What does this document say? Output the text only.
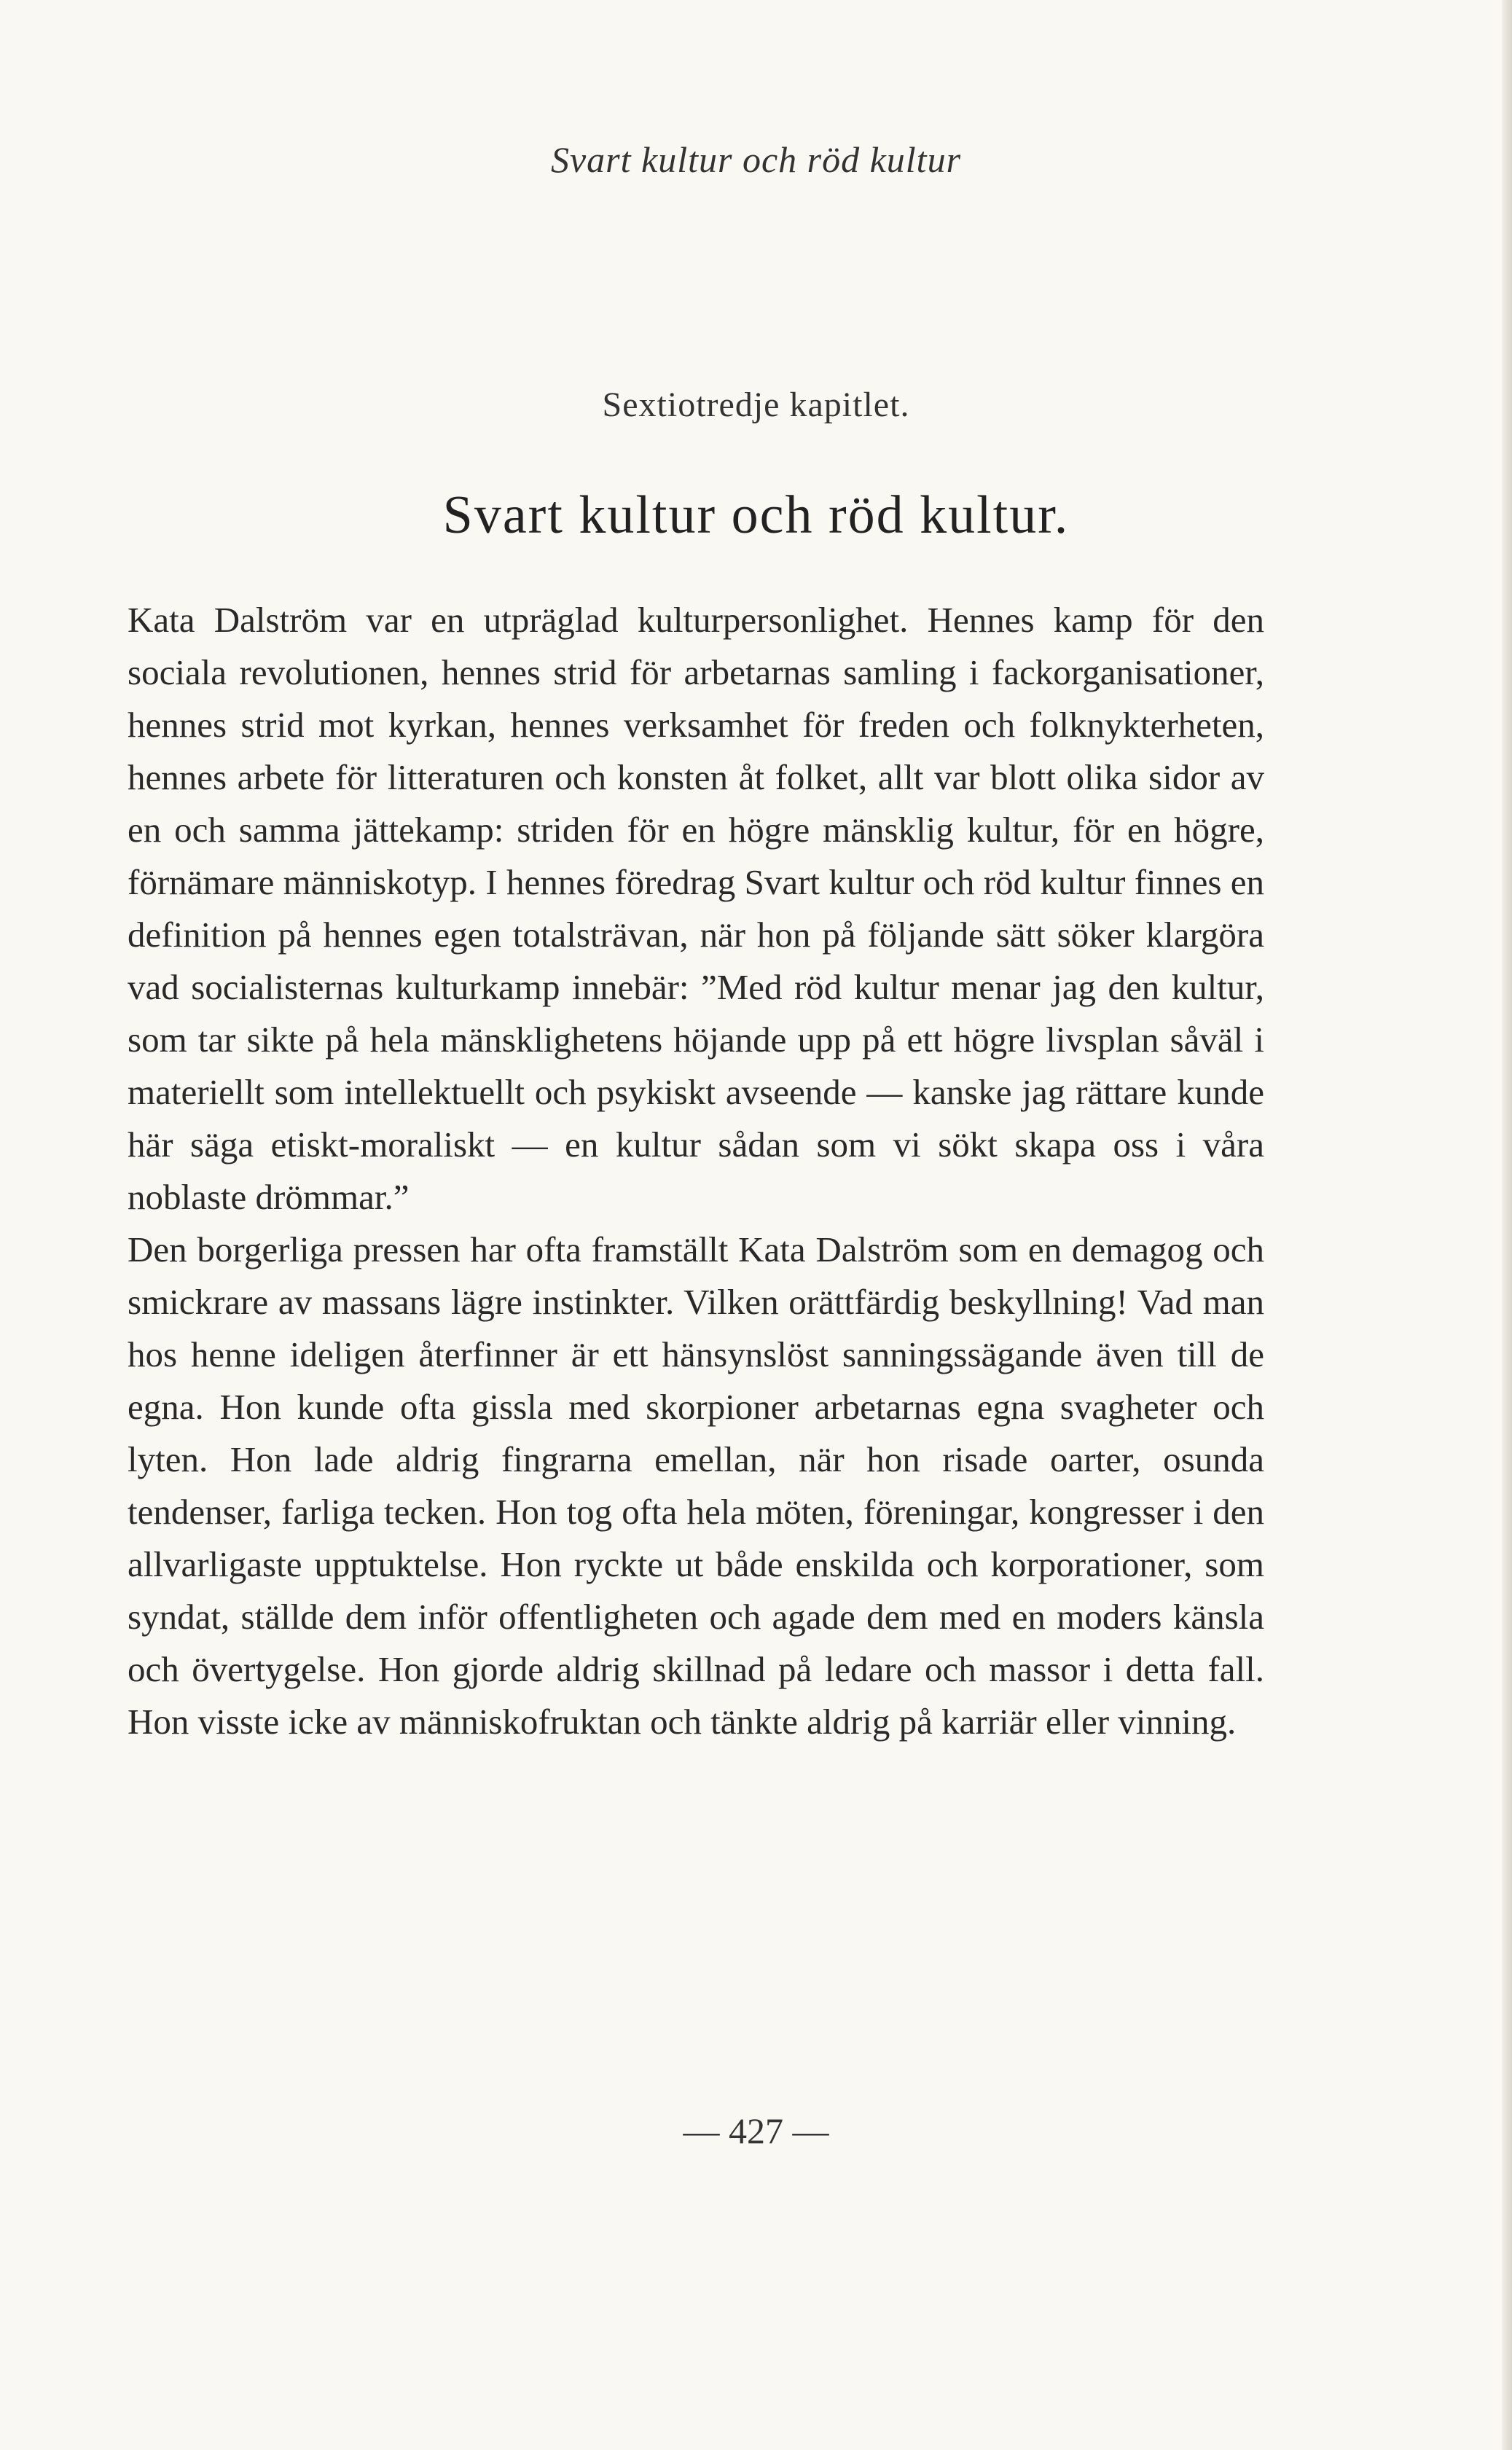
Svart kultur och röd kultur
Sextiotredje kapitlet.
Svart kultur och röd kultur.

Kata Dalström var en utpräglad kulturpersonlighet. Hennes kamp för den sociala revolutionen, hennes strid för arbetarnas samling i fackorganisationer, hennes strid mot kyrkan, hennes verksamhet för freden och folknykterheten, hennes arbete för litteraturen och konsten åt folket, allt var blott olika sidor av en och samma jättekamp: striden för en högre mänsklig kultur, för en högre, förnämare människotyp. I hennes föredrag Svart kultur och röd kultur finnes en definition på hennes egen totalsträvan, när hon på följande sätt söker klargöra vad socialisternas kulturkamp innebär: ”Med röd kultur menar jag den kultur, som tar sikte på hela mänsklighetens höjande upp på ett högre livsplan såväl i materiellt som intellektuellt och psykiskt avseende — kanske jag rättare kunde här säga etiskt-moraliskt — en kultur sådan som vi sökt skapa oss i våra noblaste drömmar.”

Den borgerliga pressen har ofta framställt Kata Dalström som en demagog och smickrare av massans lägre instinkter. Vilken orättfärdig beskyllning! Vad man hos henne ideligen återfinner är ett hänsynslöst sanningssägande även till de egna. Hon kunde ofta gissla med skorpioner arbetarnas egna svagheter och lyten. Hon lade aldrig fingrarna emellan, när hon risade oarter, osunda tendenser, farliga tecken. Hon tog ofta hela möten, föreningar, kongresser i den allvarligaste upptuktelse. Hon ryckte ut både enskilda och korporationer, som syndat, ställde dem inför offentligheten och agade dem med en moders känsla och övertygelse. Hon gjorde aldrig skillnad på ledare och massor i detta fall. Hon visste icke av människofruktan och tänkte aldrig på karriär eller vinning.

— 427 —
